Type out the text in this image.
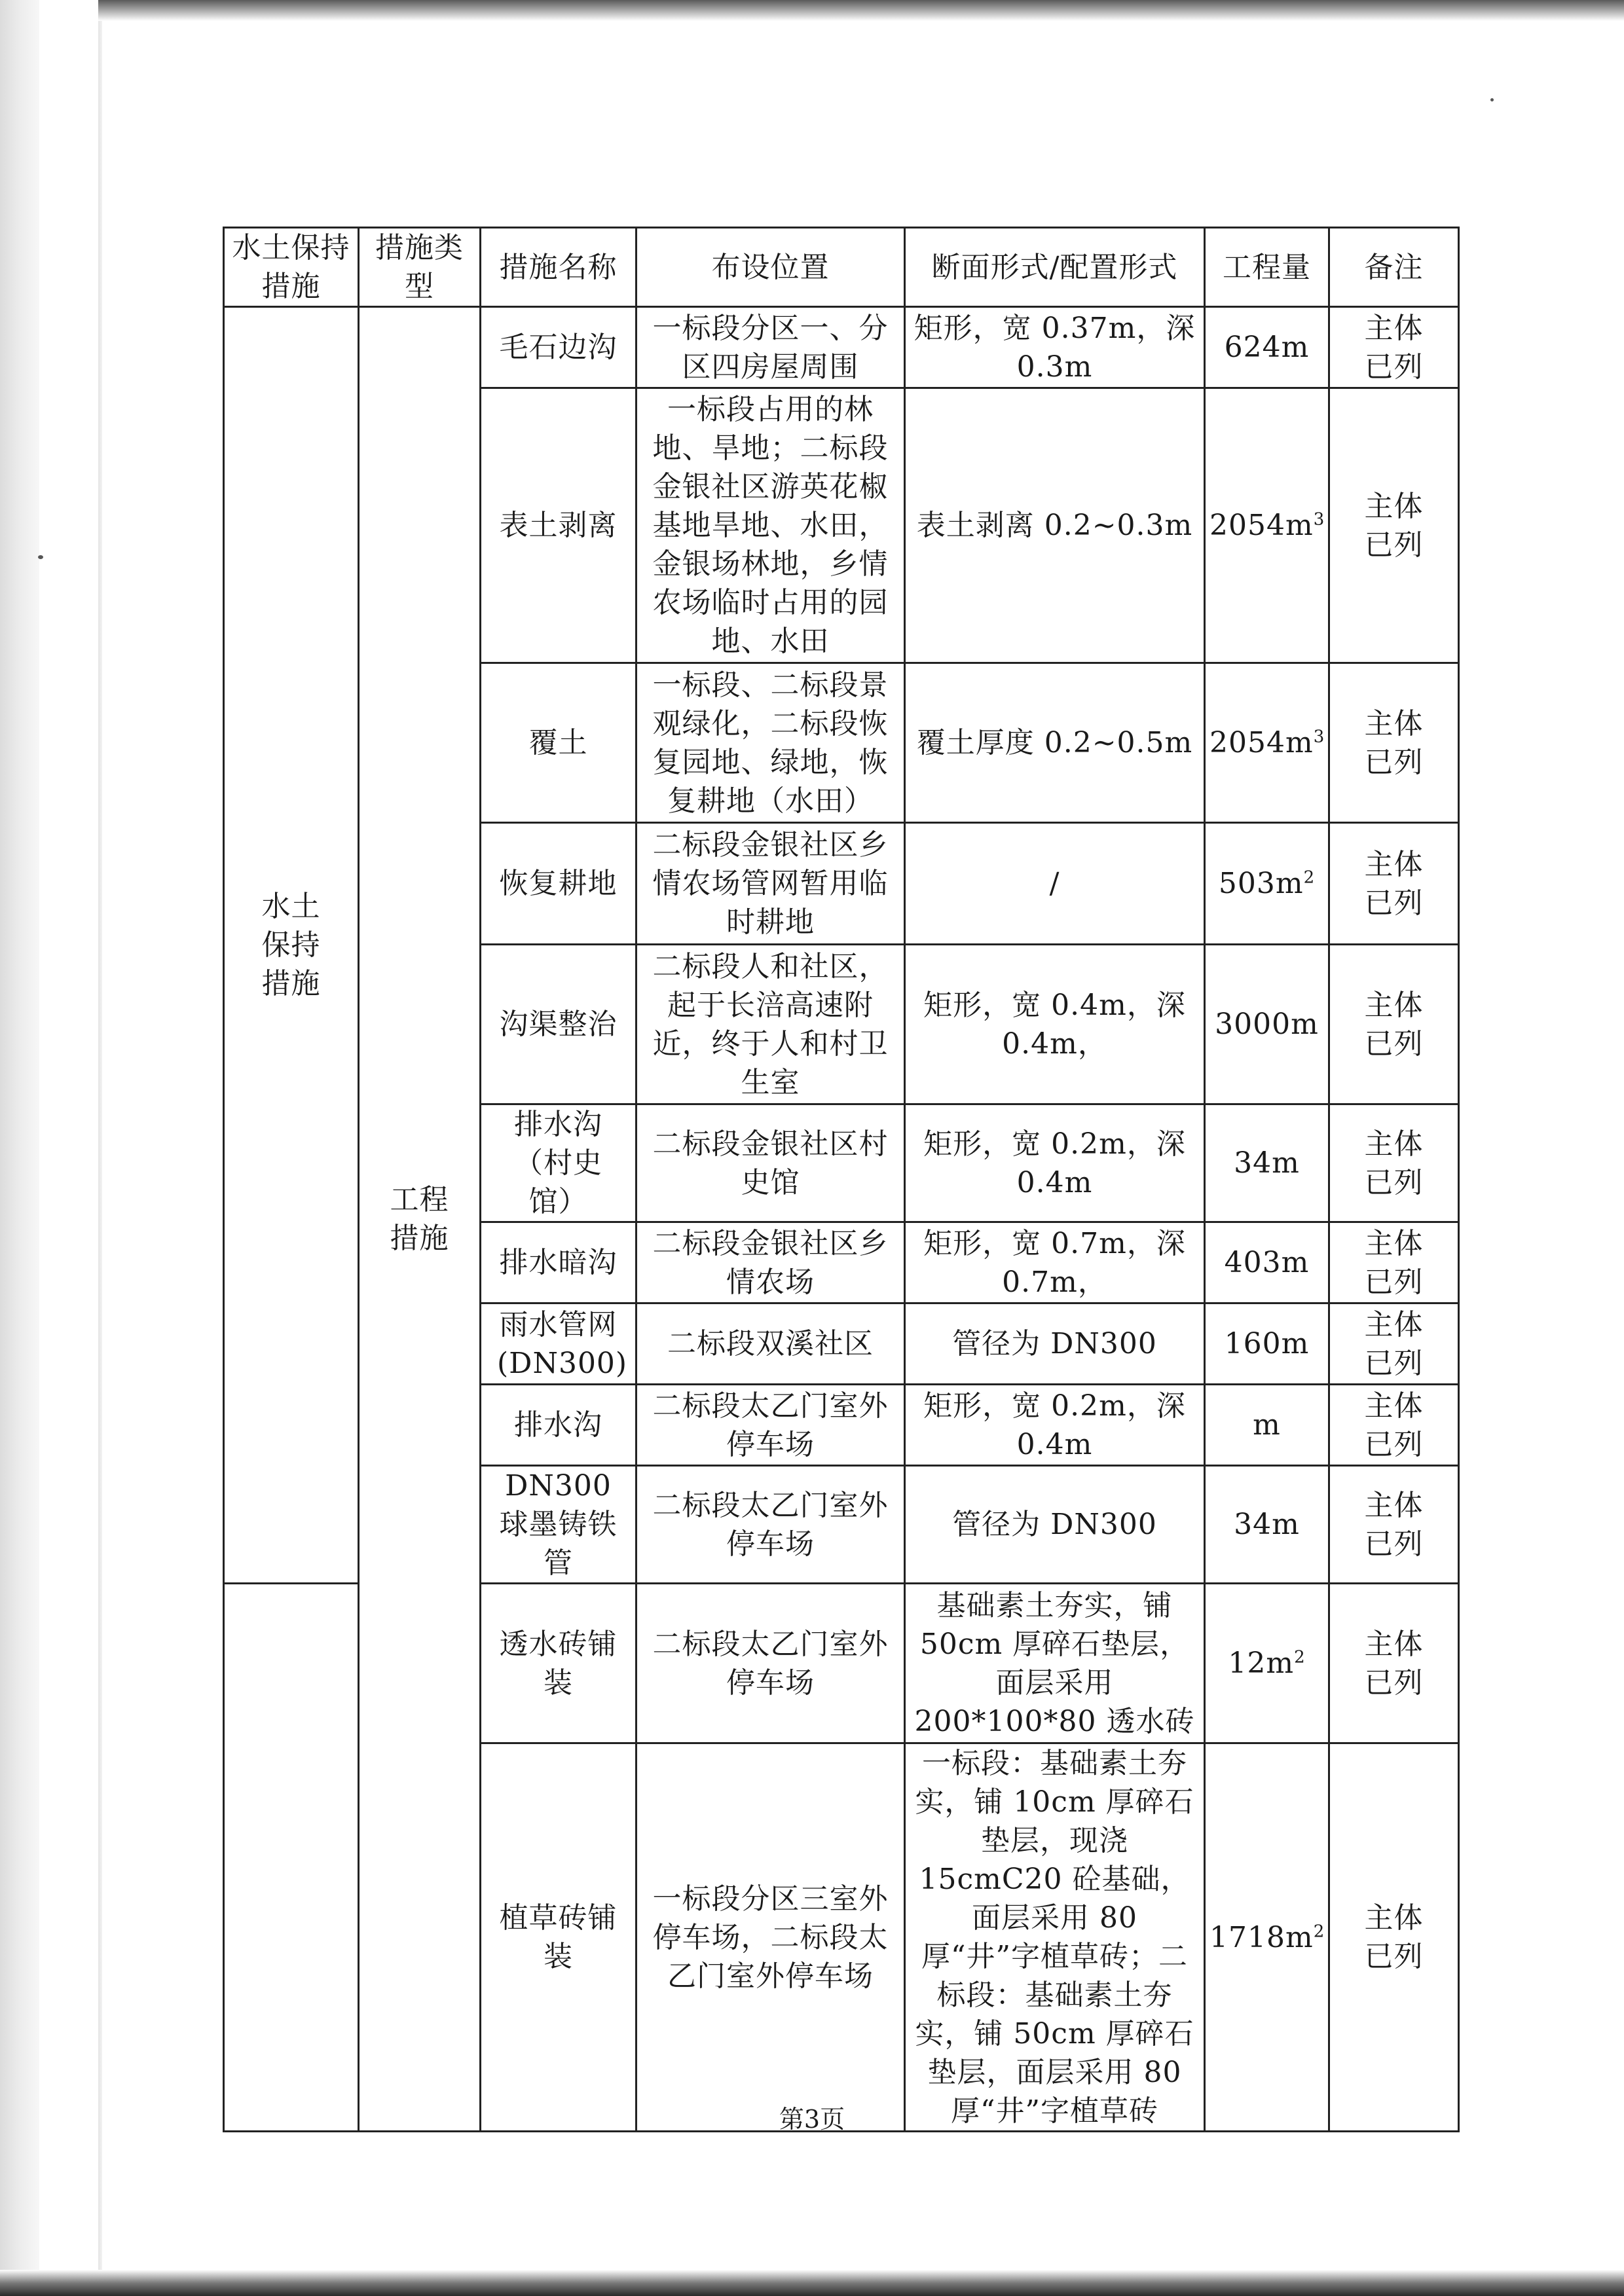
水土保持措施	措施类型	措施名称	布设位置	断面形式/配置形式	工程量	备注
水土保持措施	工程措施	毛石边沟	一标段分区一、分区四房屋周围	矩形，宽 0.37m，深 0.3m	624m	主体已列
		表土剥离	一标段占用的林地、旱地；二标段金银社区游英花椒基地旱地、水田，金银场林地，乡情农场临时占用的园地、水田	表土剥离 0.2~0.3m	$2054m^3$	主体已列
		覆土	一标段、二标段景观绿化，二标段恢复园地、绿地，恢复耕地（水田）	覆土厚度 0.2~0.5m	$2054m^3$	主体已列
		恢复耕地	二标段金银社区乡情农场管网暂用临时耕地	/	$503m^2$	主体已列
		沟渠整治	二标段人和社区，起于长涪高速附近，终于人和村卫生室	矩形，宽 0.4m，深 0.4m，	3000m	主体已列
		排水沟（村史馆）	二标段金银社区村史馆	矩形，宽 0.2m，深 0.4m	34m	主体已列
		排水暗沟	二标段金银社区乡情农场	矩形，宽 0.7m，深 0.7m，	403m	主体已列
		雨水管网(DN300)	二标段双溪社区	管径为 DN300	160m	主体已列
		排水沟	二标段太乙门室外停车场	矩形，宽 0.2m，深 0.4m	m	主体已列
		DN300 球墨铸铁管	二标段太乙门室外停车场	管径为 DN300	34m	主体已列
		透水砖铺装	二标段太乙门室外停车场	基础素土夯实，铺 50cm 厚碎石垫层，面层采用 200*100*80 透水砖	$12m^2$	主体已列
		植草砖铺装	一标段分区三室外停车场，二标段太乙门室外停车场	一标段：基础素土夯实，铺 10cm 厚碎石垫层，现浇 15cmC20 砼基础，面层采用 80 厚“井”字植草砖；二标段：基础素土夯实，铺 50cm 厚碎石垫层，面层采用 80 厚“井”字植草砖	$1718m^2$	主体已列
第3页
